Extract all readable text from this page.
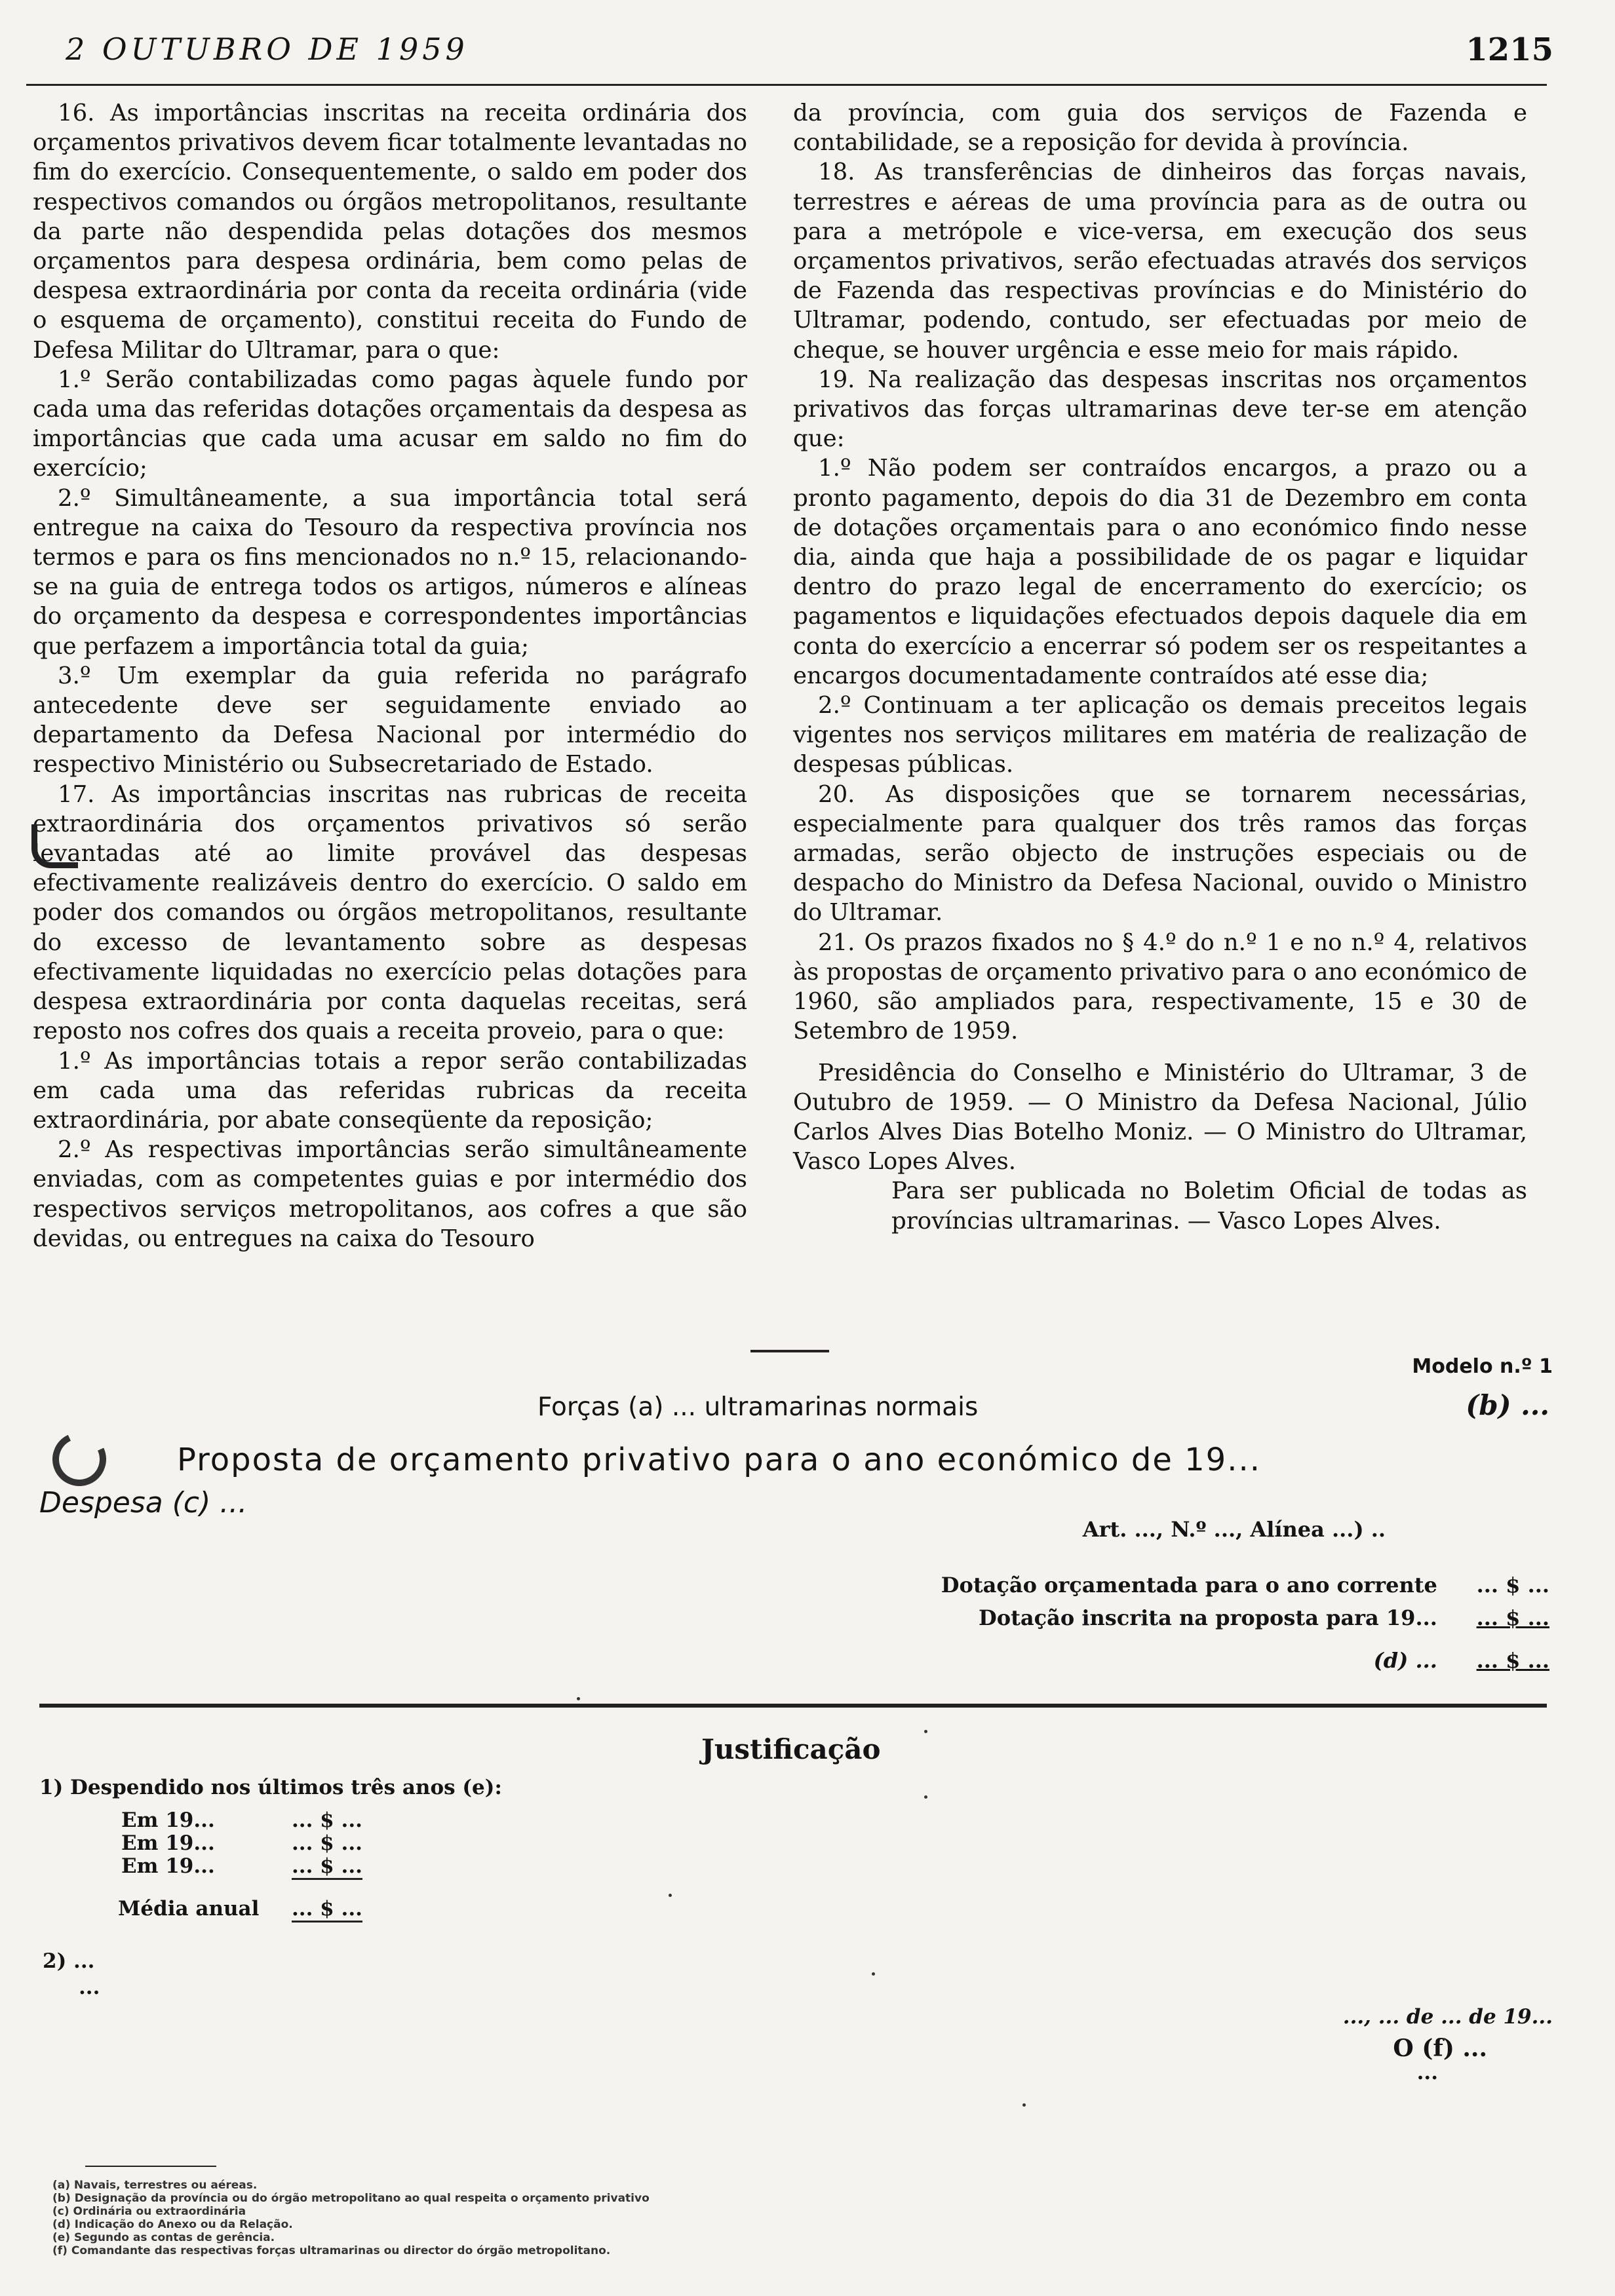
2 OUTUBRO DE 1959	1215

16. As importâncias inscritas na receita ordinária dos orçamentos privativos devem ficar totalmente levantadas no fim do exercício. Consequentemente, o saldo em poder dos respectivos comandos ou órgãos metropolitanos, resultante da parte não despendida pelas dotações dos mesmos orçamentos para despesa ordinária, bem como pelas de despesa extraordinária por conta da receita ordinária (vide o esquema de orçamento), constitui receita do Fundo de Defesa Militar do Ultramar, para o que:

1.º Serão contabilizadas como pagas àquele fundo por cada uma das referidas dotações orçamentais da despesa as importâncias que cada uma acusar em saldo no fim do exercício;

2.º Simultâneamente, a sua importância total será entregue na caixa do Tesouro da respectiva província nos termos e para os fins mencionados no n.º 15, relacionando-se na guia de entrega todos os artigos, números e alíneas do orçamento da despesa e correspondentes importâncias que perfazem a importância total da guia;

3.º Um exemplar da guia referida no parágrafo antecedente deve ser seguidamente enviado ao departamento da Defesa Nacional por intermédio do respectivo Ministério ou Subsecretariado de Estado.

17. As importâncias inscritas nas rubricas de receita extraordinária dos orçamentos privativos só serão levantadas até ao limite provável das despesas efectivamente realizáveis dentro do exercício. O saldo em poder dos comandos ou órgãos metropolitanos, resultante do excesso de levantamento sobre as despesas efectivamente liquidadas no exercício pelas dotações para despesa extraordinária por conta daquelas receitas, será reposto nos cofres dos quais a receita proveio, para o que:

1.º As importâncias totais a repor serão contabilizadas em cada uma das referidas rubricas da receita extraordinária, por abate conseqüente da reposição;

2.º As respectivas importâncias serão simultâneamente enviadas, com as competentes guias e por intermédio dos respectivos serviços metropolitanos, aos cofres a que são devidas, ou entregues na caixa do Tesouro

da província, com guia dos serviços de Fazenda e contabilidade, se a reposição for devida à província.

18. As transferências de dinheiros das forças navais, terrestres e aéreas de uma província para as de outra ou para a metrópole e vice-versa, em execução dos seus orçamentos privativos, serão efectuadas através dos serviços de Fazenda das respectivas províncias e do Ministério do Ultramar, podendo, contudo, ser efectuadas por meio de cheque, se houver urgência e esse meio for mais rápido.

19. Na realização das despesas inscritas nos orçamentos privativos das forças ultramarinas deve ter-se em atenção que:

1.º Não podem ser contraídos encargos, a prazo ou a pronto pagamento, depois do dia 31 de Dezembro em conta de dotações orçamentais para o ano económico findo nesse dia, ainda que haja a possibilidade de os pagar e liquidar dentro do prazo legal de encerramento do exercício; os pagamentos e liquidações efectuados depois daquele dia em conta do exercício a encerrar só podem ser os respeitantes a encargos documentadamente contraídos até esse dia;

2.º Continuam a ter aplicação os demais preceitos legais vigentes nos serviços militares em matéria de realização de despesas públicas.

20. As disposições que se tornarem necessárias, especialmente para qualquer dos três ramos das forças armadas, serão objecto de instruções especiais ou de despacho do Ministro da Defesa Nacional, ouvido o Ministro do Ultramar.

21. Os prazos fixados no § 4.º do n.º 1 e no n.º 4, relativos às propostas de orçamento privativo para o ano económico de 1960, são ampliados para, respectivamente, 15 e 30 de Setembro de 1959.

Presidência do Conselho e Ministério do Ultramar, 3 de Outubro de 1959. — O Ministro da Defesa Nacional, Júlio Carlos Alves Dias Botelho Moniz. — O Ministro do Ultramar, Vasco Lopes Alves.

Para ser publicada no Boletim Oficial de todas as províncias ultramarinas. — Vasco Lopes Alves.

Modelo n.º 1
Forças (a) ... ultramarinas normais	(b) ...
Proposta de orçamento privativo para o ano económico de 19...
Despesa (c) ...
Art. ..., N.º ..., Alínea ...) ..
Dotação orçamentada para o ano corrente ... $ ...
Dotação inscrita na proposta para 19... ... $ ...
(d) ... ... $ ...
Justificação
1) Despendido nos últimos três anos (e):
Em 19...	... $ ...
Em 19...	... $ ...
Em 19...	... $ ...
Média anual ... $ ...
2) ...
...
..., ... de ... de 19...
O (f) ...
...
(a) Navais, terrestres ou aéreas.
(b) Designação da província ou do órgão metropolitano ao qual respeita o orçamento privativo
(c) Ordinária ou extraordinária
(d) Indicação do Anexo ou da Relação.
(e) Segundo as contas de gerência.
(f) Comandante das respectivas forças ultramarinas ou director do órgão metropolitano.
